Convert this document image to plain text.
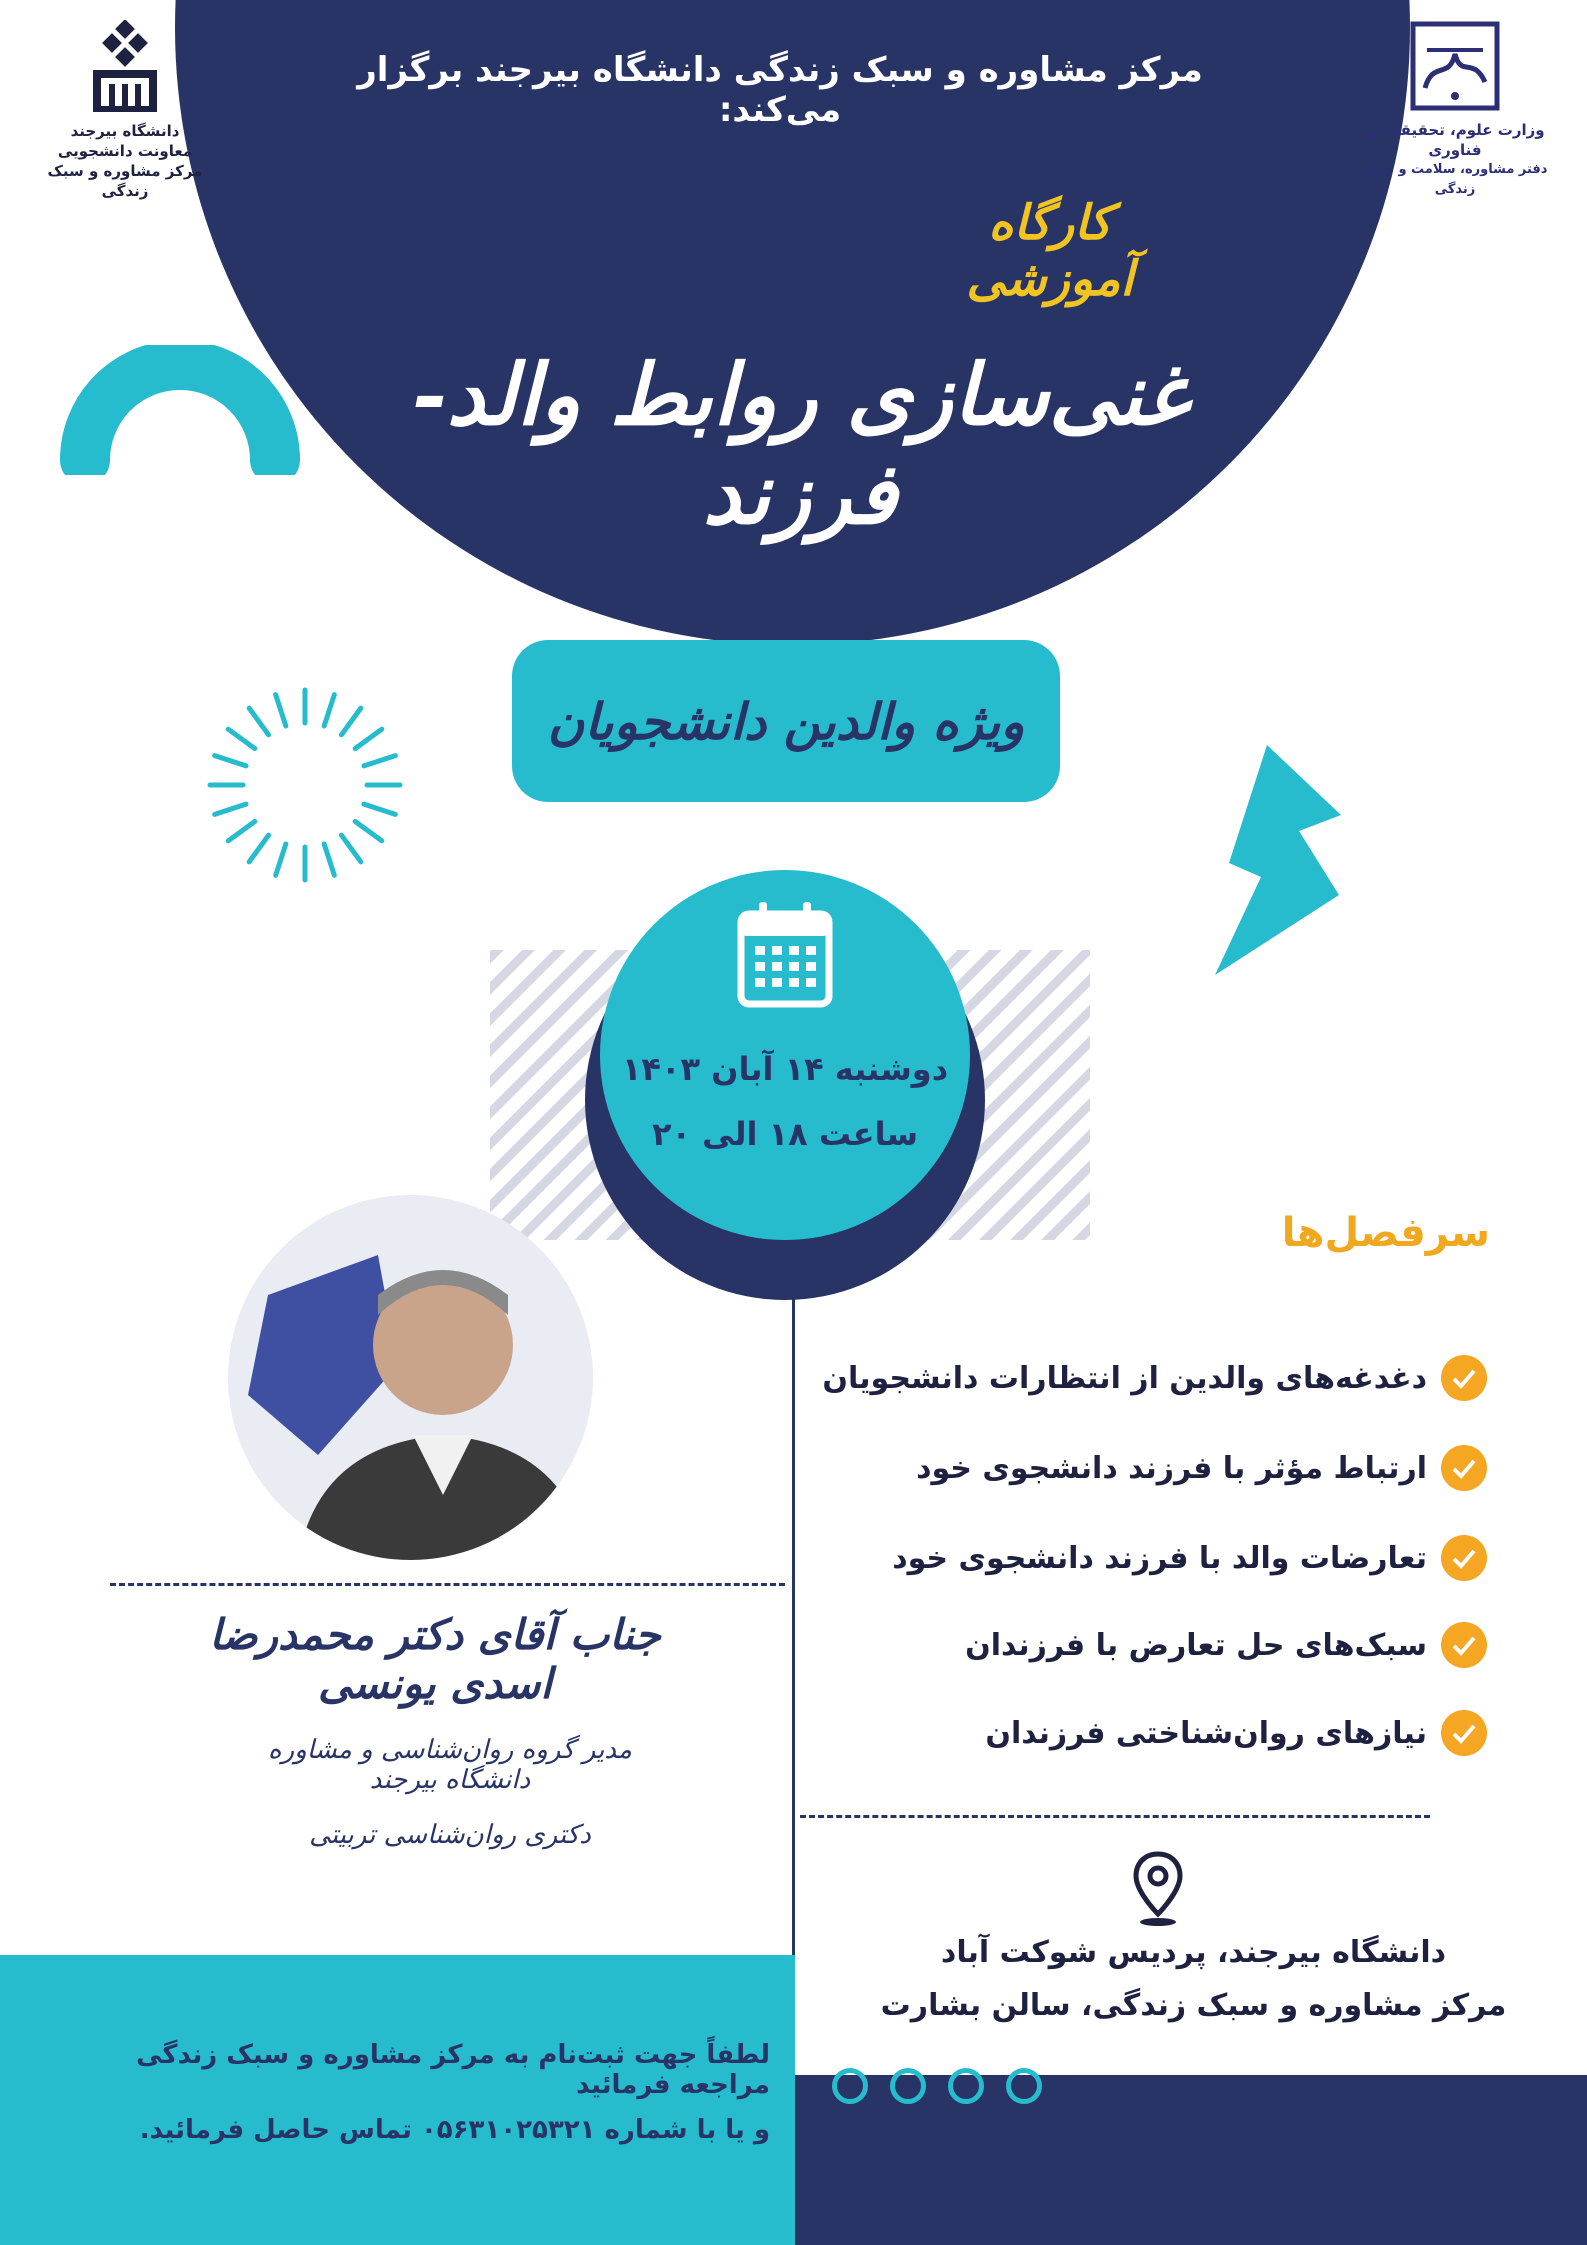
دانشگاه بیرجند
معاونت دانشجویی
مرکز مشاوره و سبک زندگی
وزارت علوم، تحقیقات و فناوری
دفتر مشاوره، سلامت و سبک زندگی
مرکز مشاوره و سبک زندگی دانشگاه بیرجند برگزار می‌کند:
کارگاه آموزشی
غنی‌سازی روابط والد-فرزند
ویژه والدین دانشجویان
دوشنبه ۱۴ آبان ۱۴۰۳
ساعت ۱۸ الی ۲۰
سرفصل‌ها
دغدغه‌های والدین از انتظارات دانشجویان
ارتباط مؤثر با فرزند دانشجوی خود
تعارضات والد با فرزند دانشجوی خود
سبک‌های حل تعارض با فرزندان
نیازهای روان‌شناختی فرزندان
جناب آقای دکتر محمدرضا اسدی یونسی
مدیر گروه روان‌شناسی و مشاوره دانشگاه بیرجند
دکتری روان‌شناسی تربیتی
دانشگاه بیرجند، پردیس شوکت آباد
مرکز مشاوره و سبک زندگی، سالن بشارت
لطفاً جهت ثبت‌نام به مرکز مشاوره و سبک زندگی مراجعه فرمائید
و یا با شماره ۰۵۶۳۱۰۲۵۳۲۱ تماس حاصل فرمائید.
